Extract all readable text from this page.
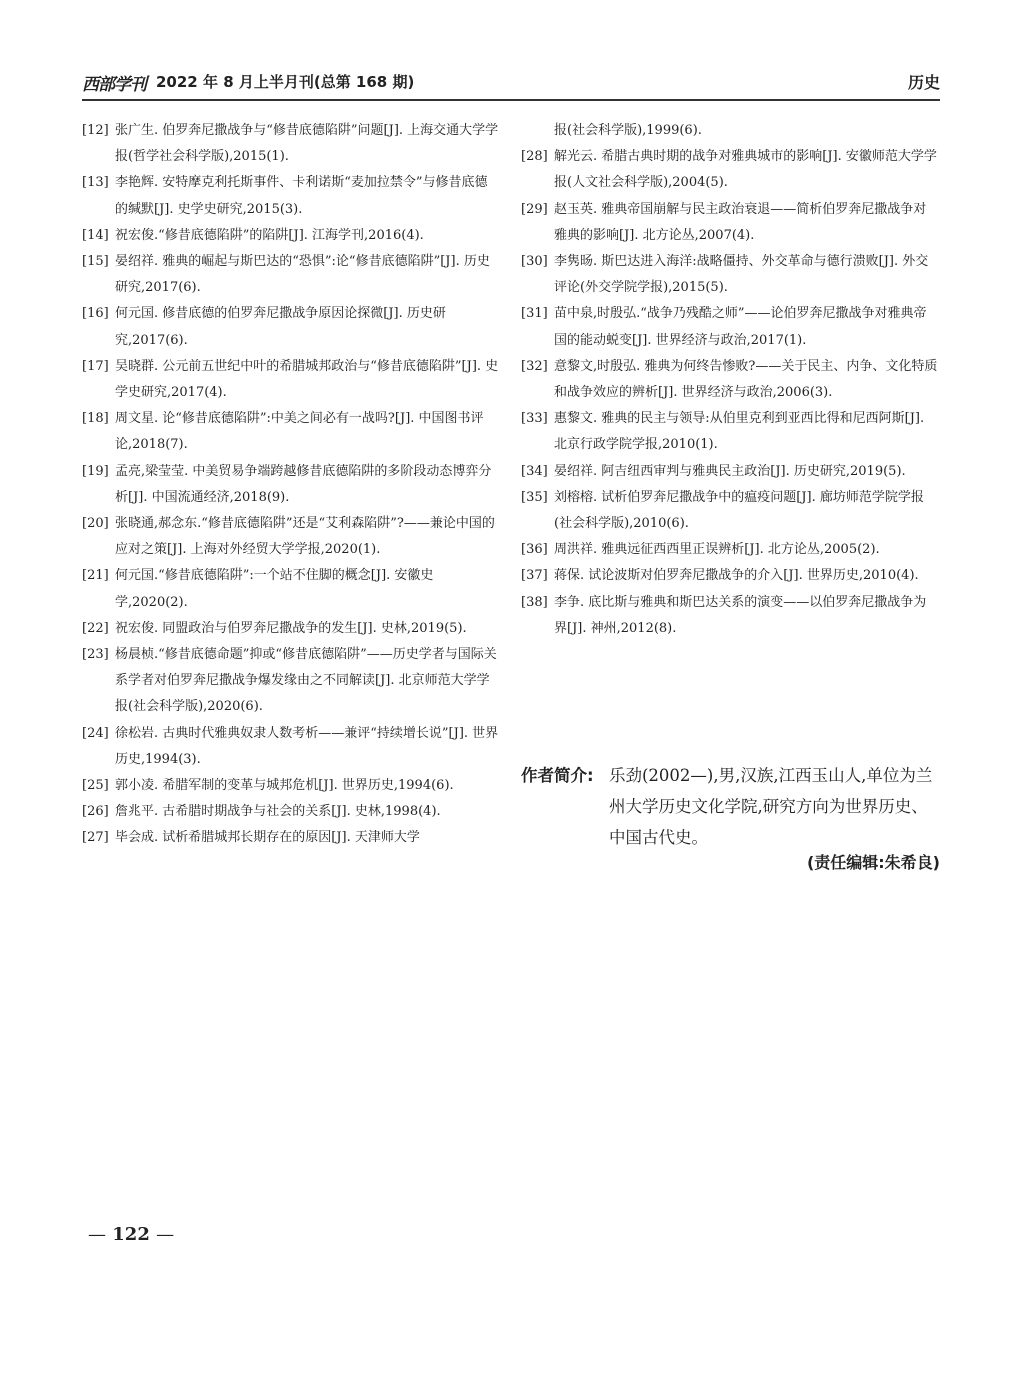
西部学刊 2022 年 8 月上半月刊(总第 168 期)	历史
[12] 张广生. 伯罗奔尼撒战争与“修昔底德陷阱”问题[J]. 上海交通大学学报(哲学社会科学版),2015(1).
[13] 李艳辉. 安特摩克利托斯事件、卡利诺斯“麦加拉禁令”与修昔底德的缄默[J]. 史学史研究,2015(3).
[14] 祝宏俊.“修昔底德陷阱”的陷阱[J]. 江海学刊,2016(4).
[15] 晏绍祥. 雅典的崛起与斯巴达的“恐惧”:论“修昔底德陷阱”[J]. 历史研究,2017(6).
[16] 何元国. 修昔底德的伯罗奔尼撒战争原因论探微[J]. 历史研究,2017(6).
[17] 吴晓群. 公元前五世纪中叶的希腊城邦政治与“修昔底德陷阱”[J]. 史学史研究,2017(4).
[18] 周文星. 论“修昔底德陷阱”:中美之间必有一战吗?[J]. 中国图书评论,2018(7).
[19] 孟亮,梁莹莹. 中美贸易争端跨越修昔底德陷阱的多阶段动态博弈分析[J]. 中国流通经济,2018(9).
[20] 张晓通,郝念东.“修昔底德陷阱”还是“艾利森陷阱”?——兼论中国的应对之策[J]. 上海对外经贸大学学报,2020(1).
[21] 何元国.“修昔底德陷阱”:一个站不住脚的概念[J]. 安徽史学,2020(2).
[22] 祝宏俊. 同盟政治与伯罗奔尼撒战争的发生[J]. 史林,2019(5).
[23] 杨晨桢.“修昔底德命题”抑或“修昔底德陷阱”——历史学者与国际关系学者对伯罗奔尼撒战争爆发缘由之不同解读[J]. 北京师范大学学报(社会科学版),2020(6).
[24] 徐松岩. 古典时代雅典奴隶人数考析——兼评“持续增长说”[J]. 世界历史,1994(3).
[25] 郭小凌. 希腊军制的变革与城邦危机[J]. 世界历史,1994(6).
[26] 詹兆平. 古希腊时期战争与社会的关系[J]. 史林,1998(4).
[27] 毕会成. 试析希腊城邦长期存在的原因[J]. 天津师大学
报(社会科学版),1999(6).
[28] 解光云. 希腊古典时期的战争对雅典城市的影响[J]. 安徽师范大学学报(人文社会科学版),2004(5).
[29] 赵玉英. 雅典帝国崩解与民主政治衰退——简析伯罗奔尼撒战争对雅典的影响[J]. 北方论丛,2007(4).
[30] 李隽旸. 斯巴达进入海洋:战略僵持、外交革命与德行溃败[J]. 外交评论(外交学院学报),2015(5).
[31] 苗中泉,时殷弘.“战争乃残酷之师”——论伯罗奔尼撒战争对雅典帝国的能动蜕变[J]. 世界经济与政治,2017(1).
[32] 意黎文,时殷弘. 雅典为何终告惨败?——关于民主、内争、文化特质和战争效应的辨析[J]. 世界经济与政治,2006(3).
[33] 惠黎文. 雅典的民主与领导:从伯里克利到亚西比得和尼西阿斯[J]. 北京行政学院学报,2010(1).
[34] 晏绍祥. 阿吉纽西审判与雅典民主政治[J]. 历史研究,2019(5).
[35] 刘榕榕. 试析伯罗奔尼撒战争中的瘟疫问题[J]. 廊坊师范学院学报(社会科学版),2010(6).
[36] 周洪祥. 雅典远征西西里正误辨析[J]. 北方论丛,2005(2).
[37] 蒋保. 试论波斯对伯罗奔尼撒战争的介入[J]. 世界历史,2010(4).
[38] 李争. 底比斯与雅典和斯巴达关系的演变——以伯罗奔尼撒战争为界[J]. 神州,2012(8).
作者简介: 乐劲(2002—),男,汉族,江西玉山人,单位为兰州大学历史文化学院,研究方向为世界历史、中国古代史。
(责任编辑:朱希良)
— 122 —
